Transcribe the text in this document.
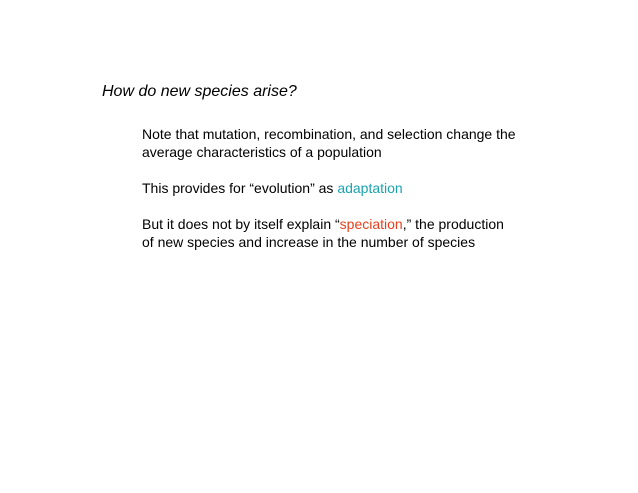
How do new species arise?

Note that mutation, recombination, and selection change the
average characteristics of a population

This provides for “evolution” as adaptation

But it does not by itself explain “speciation,” the production
of new species and increase in the number of species
